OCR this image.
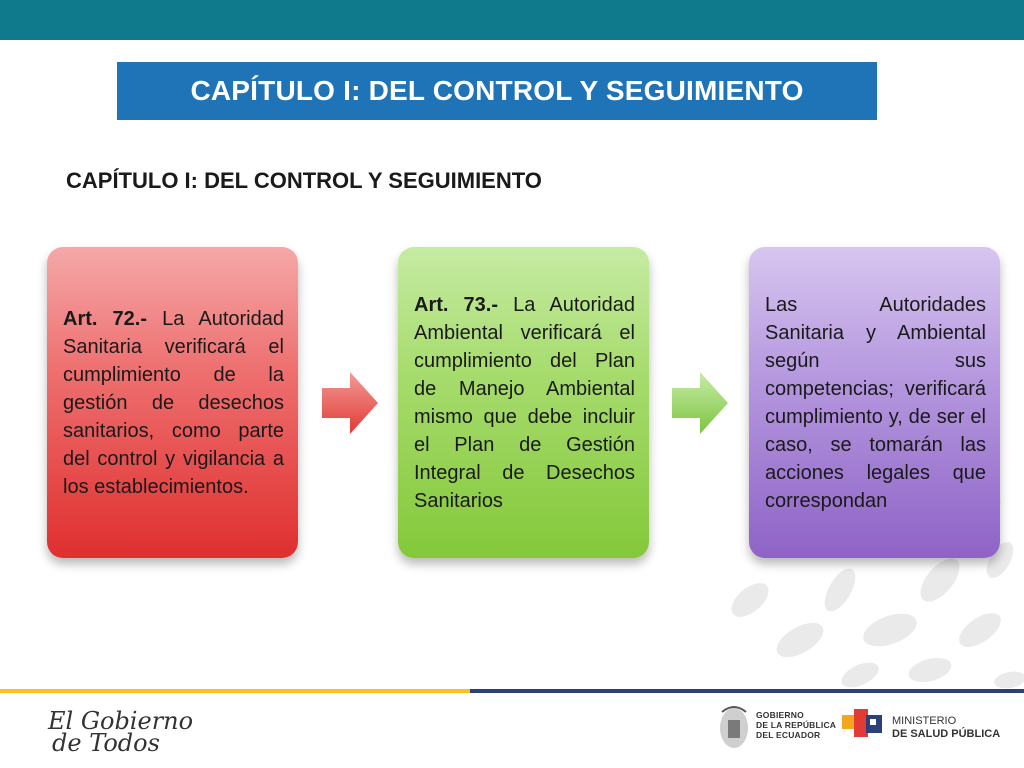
CAPÍTULO I: DEL CONTROL Y SEGUIMIENTO
CAPÍTULO I: DEL CONTROL Y SEGUIMIENTO
Art. 72.- La Autoridad Sanitaria verificará el cumplimiento de la gestión de desechos sanitarios, como parte del control y vigilancia a los establecimientos.
Art. 73.- La Autoridad Ambiental verificará el cumplimiento del Plan de Manejo Ambiental mismo que debe incluir el Plan de Gestión Integral de Desechos Sanitarios
Las Autoridades Sanitaria y Ambiental según sus competencias; verificará cumplimiento y, de ser el caso, se tomarán las acciones legales que correspondan
El Gobierno
de Todos
GOBIERNO
DE LA REPÚBLICA
DEL ECUADOR
MINISTERIO
DE SALUD PÚBLICA
